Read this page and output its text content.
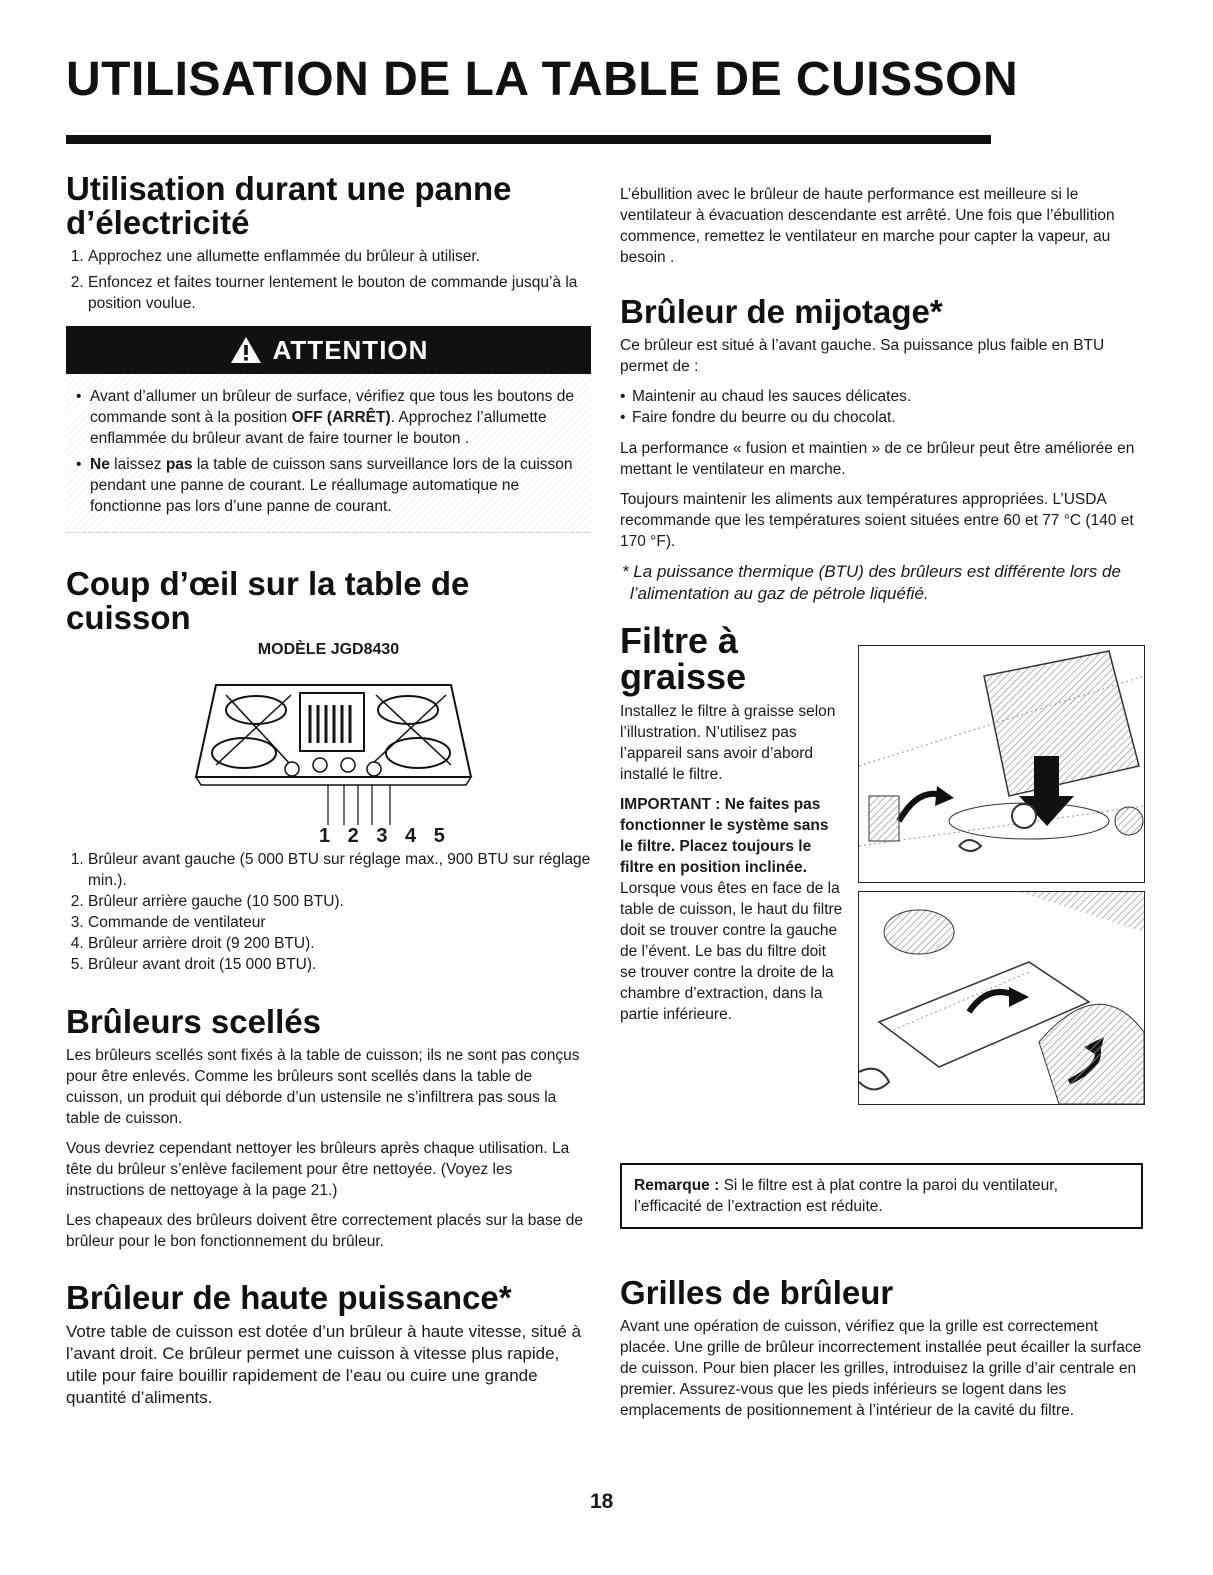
UTILISATION DE LA TABLE DE CUISSON
Utilisation durant une panne d’électricité
1. Approchez une allumette enflammée du brûleur à utiliser.
2. Enfoncez et faites tourner lentement le bouton de commande jusqu’à la position voulue.
ATTENTION
• Avant d’allumer un brûleur de surface, vérifiez que tous les boutons de commande sont à la position OFF (ARRÊT). Approchez l’allumette enflammée du brûleur avant de faire tourner le bouton .
• Ne laissez pas la table de cuisson sans surveillance lors de la cuisson pendant une panne de courant. Le réallumage automatique ne fonctionne pas lors d’une panne de courant.
Coup d’œil sur la table de cuisson
MODÈLE JGD8430
1 2 3 4 5
1. Brûleur avant gauche (5 000 BTU sur réglage max., 900 BTU sur réglage min.).
2. Brûleur arrière gauche (10 500 BTU).
3. Commande de ventilateur
4. Brûleur arrière droit (9 200 BTU).
5. Brûleur avant droit (15 000 BTU).
Brûleurs scellés

Les brûleurs scellés sont fixés à la table de cuisson; ils ne sont pas conçus pour être enlevés. Comme les brûleurs sont scellés dans la table de cuisson, un produit qui déborde d’un ustensile ne s’infiltrera pas sous la table de cuisson.

Vous devriez cependant nettoyer les brûleurs après chaque utilisation. La tête du brûleur s’enlève facilement pour être nettoyée. (Voyez les instructions de nettoyage à la page 21.)

Les chapeaux des brûleurs doivent être correctement placés sur la base de brûleur pour le bon fonctionnement du brûleur.

Brûleur de haute puissance*

Votre table de cuisson est dotée d’un brûleur à haute vitesse, situé à l’avant droit. Ce brûleur permet une cuisson à vitesse plus rapide, utile pour faire bouillir rapidement de l’eau ou cuire une grande quantité d’aliments.

L’ébullition avec le brûleur de haute performance est meilleure si le ventilateur à évacuation descendante est arrêté. Une fois que l’ébullition commence, remettez le ventilateur en marche pour capter la vapeur, au besoin .

Brûleur de mijotage*

Ce brûleur est situé à l’avant gauche. Sa puissance plus faible en BTU permet de :

• Maintenir au chaud les sauces délicates.
• Faire fondre du beurre ou du chocolat.

La performance « fusion et maintien » de ce brûleur peut être améliorée en mettant le ventilateur en marche.

Toujours maintenir les aliments aux températures appropriées. L’USDA recommande que les températures soient situées entre 60 et 77 °C (140 et 170 °F).

* La puissance thermique (BTU) des brûleurs est différente lors de l’alimentation au gaz de pétrole liquéfié.
Filtre à graisse

Installez le filtre à graisse selon l’illustration. N’utilisez pas l’appareil sans avoir d’abord installé le filtre.

IMPORTANT : Ne faites pas fonctionner le système sans le filtre. Placez toujours le filtre en position inclinée. Lorsque vous êtes en face de la table de cuisson, le haut du filtre doit se trouver contre la gauche de l’évent. Le bas du filtre doit se trouver contre la droite de la chambre d’extraction, dans la partie inférieure.

Remarque : Si le filtre est à plat contre la paroi du ventilateur, l’efficacité de l’extraction est réduite.
Grilles de brûleur

Avant une opération de cuisson, vérifiez que la grille est correctement placée. Une grille de brûleur incorrectement installée peut écailler la surface de cuisson. Pour bien placer les grilles, introduisez la grille d’air centrale en premier. Assurez-vous que les pieds inférieurs se logent dans les emplacements de positionnement à l’intérieur de la cavité du filtre.

18
